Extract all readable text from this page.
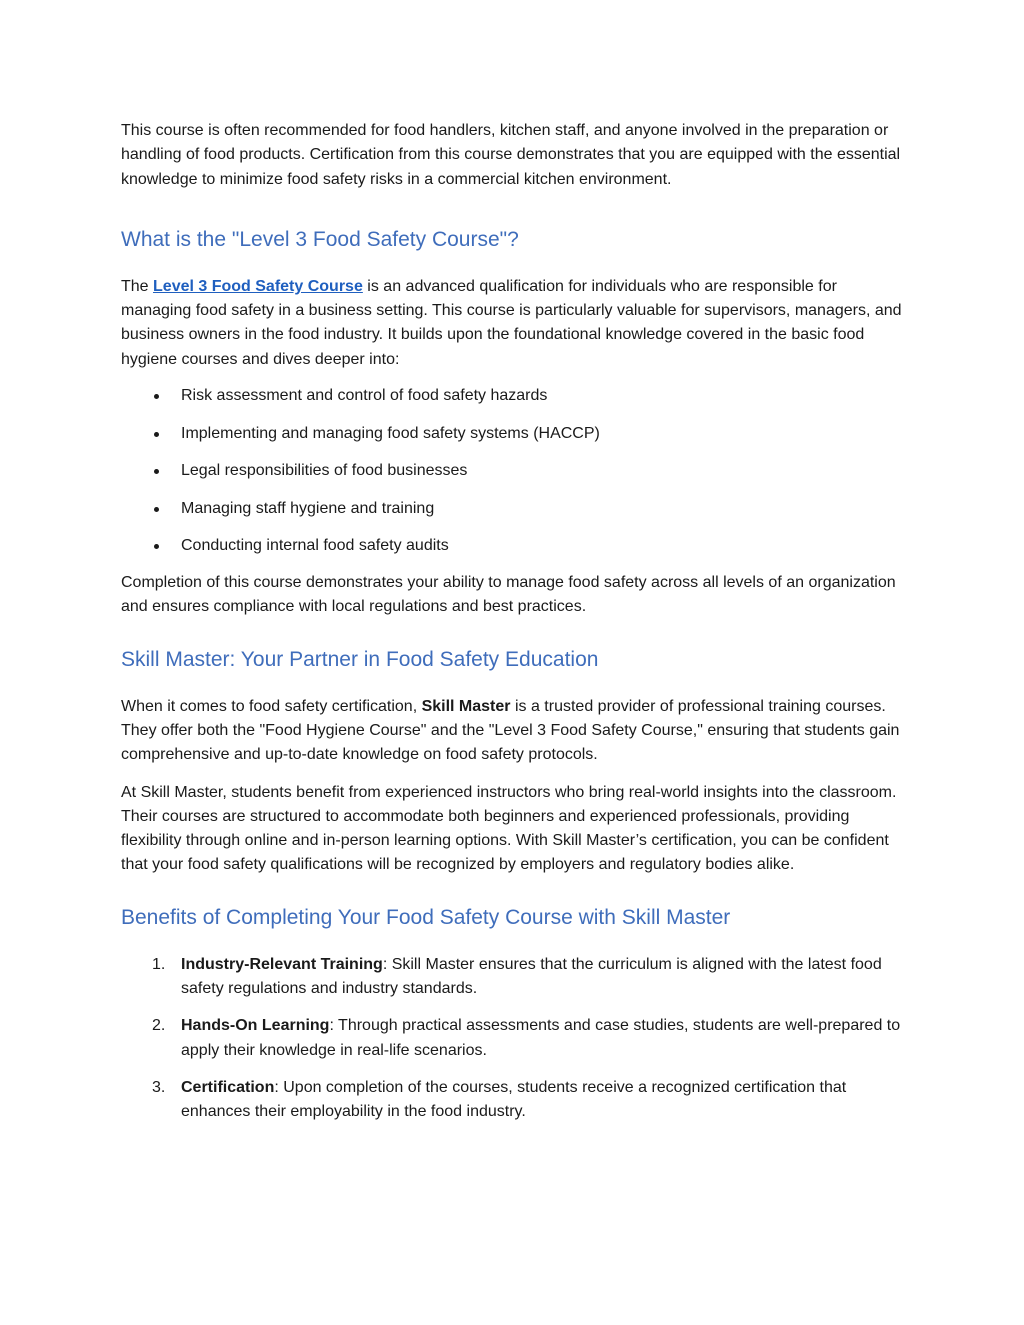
This course is often recommended for food handlers, kitchen staff, and anyone involved in the preparation or handling of food products. Certification from this course demonstrates that you are equipped with the essential knowledge to minimize food safety risks in a commercial kitchen environment.

What is the "Level 3 Food Safety Course"?

The Level 3 Food Safety Course is an advanced qualification for individuals who are responsible for managing food safety in a business setting. This course is particularly valuable for supervisors, managers, and business owners in the food industry. It builds upon the foundational knowledge covered in the basic food hygiene courses and dives deeper into:

Risk assessment and control of food safety hazards
Implementing and managing food safety systems (HACCP)
Legal responsibilities of food businesses
Managing staff hygiene and training
Conducting internal food safety audits

Completion of this course demonstrates your ability to manage food safety across all levels of an organization and ensures compliance with local regulations and best practices.

Skill Master: Your Partner in Food Safety Education

When it comes to food safety certification, Skill Master is a trusted provider of professional training courses. They offer both the "Food Hygiene Course" and the "Level 3 Food Safety Course," ensuring that students gain comprehensive and up-to-date knowledge on food safety protocols.

At Skill Master, students benefit from experienced instructors who bring real-world insights into the classroom. Their courses are structured to accommodate both beginners and experienced professionals, providing flexibility through online and in-person learning options. With Skill Master’s certification, you can be confident that your food safety qualifications will be recognized by employers and regulatory bodies alike.

Benefits of Completing Your Food Safety Course with Skill Master
1. Industry-Relevant Training: Skill Master ensures that the curriculum is aligned with the latest food safety regulations and industry standards.
2. Hands-On Learning: Through practical assessments and case studies, students are well-prepared to apply their knowledge in real-life scenarios.
3. Certification: Upon completion of the courses, students receive a recognized certification that enhances their employability in the food industry.
